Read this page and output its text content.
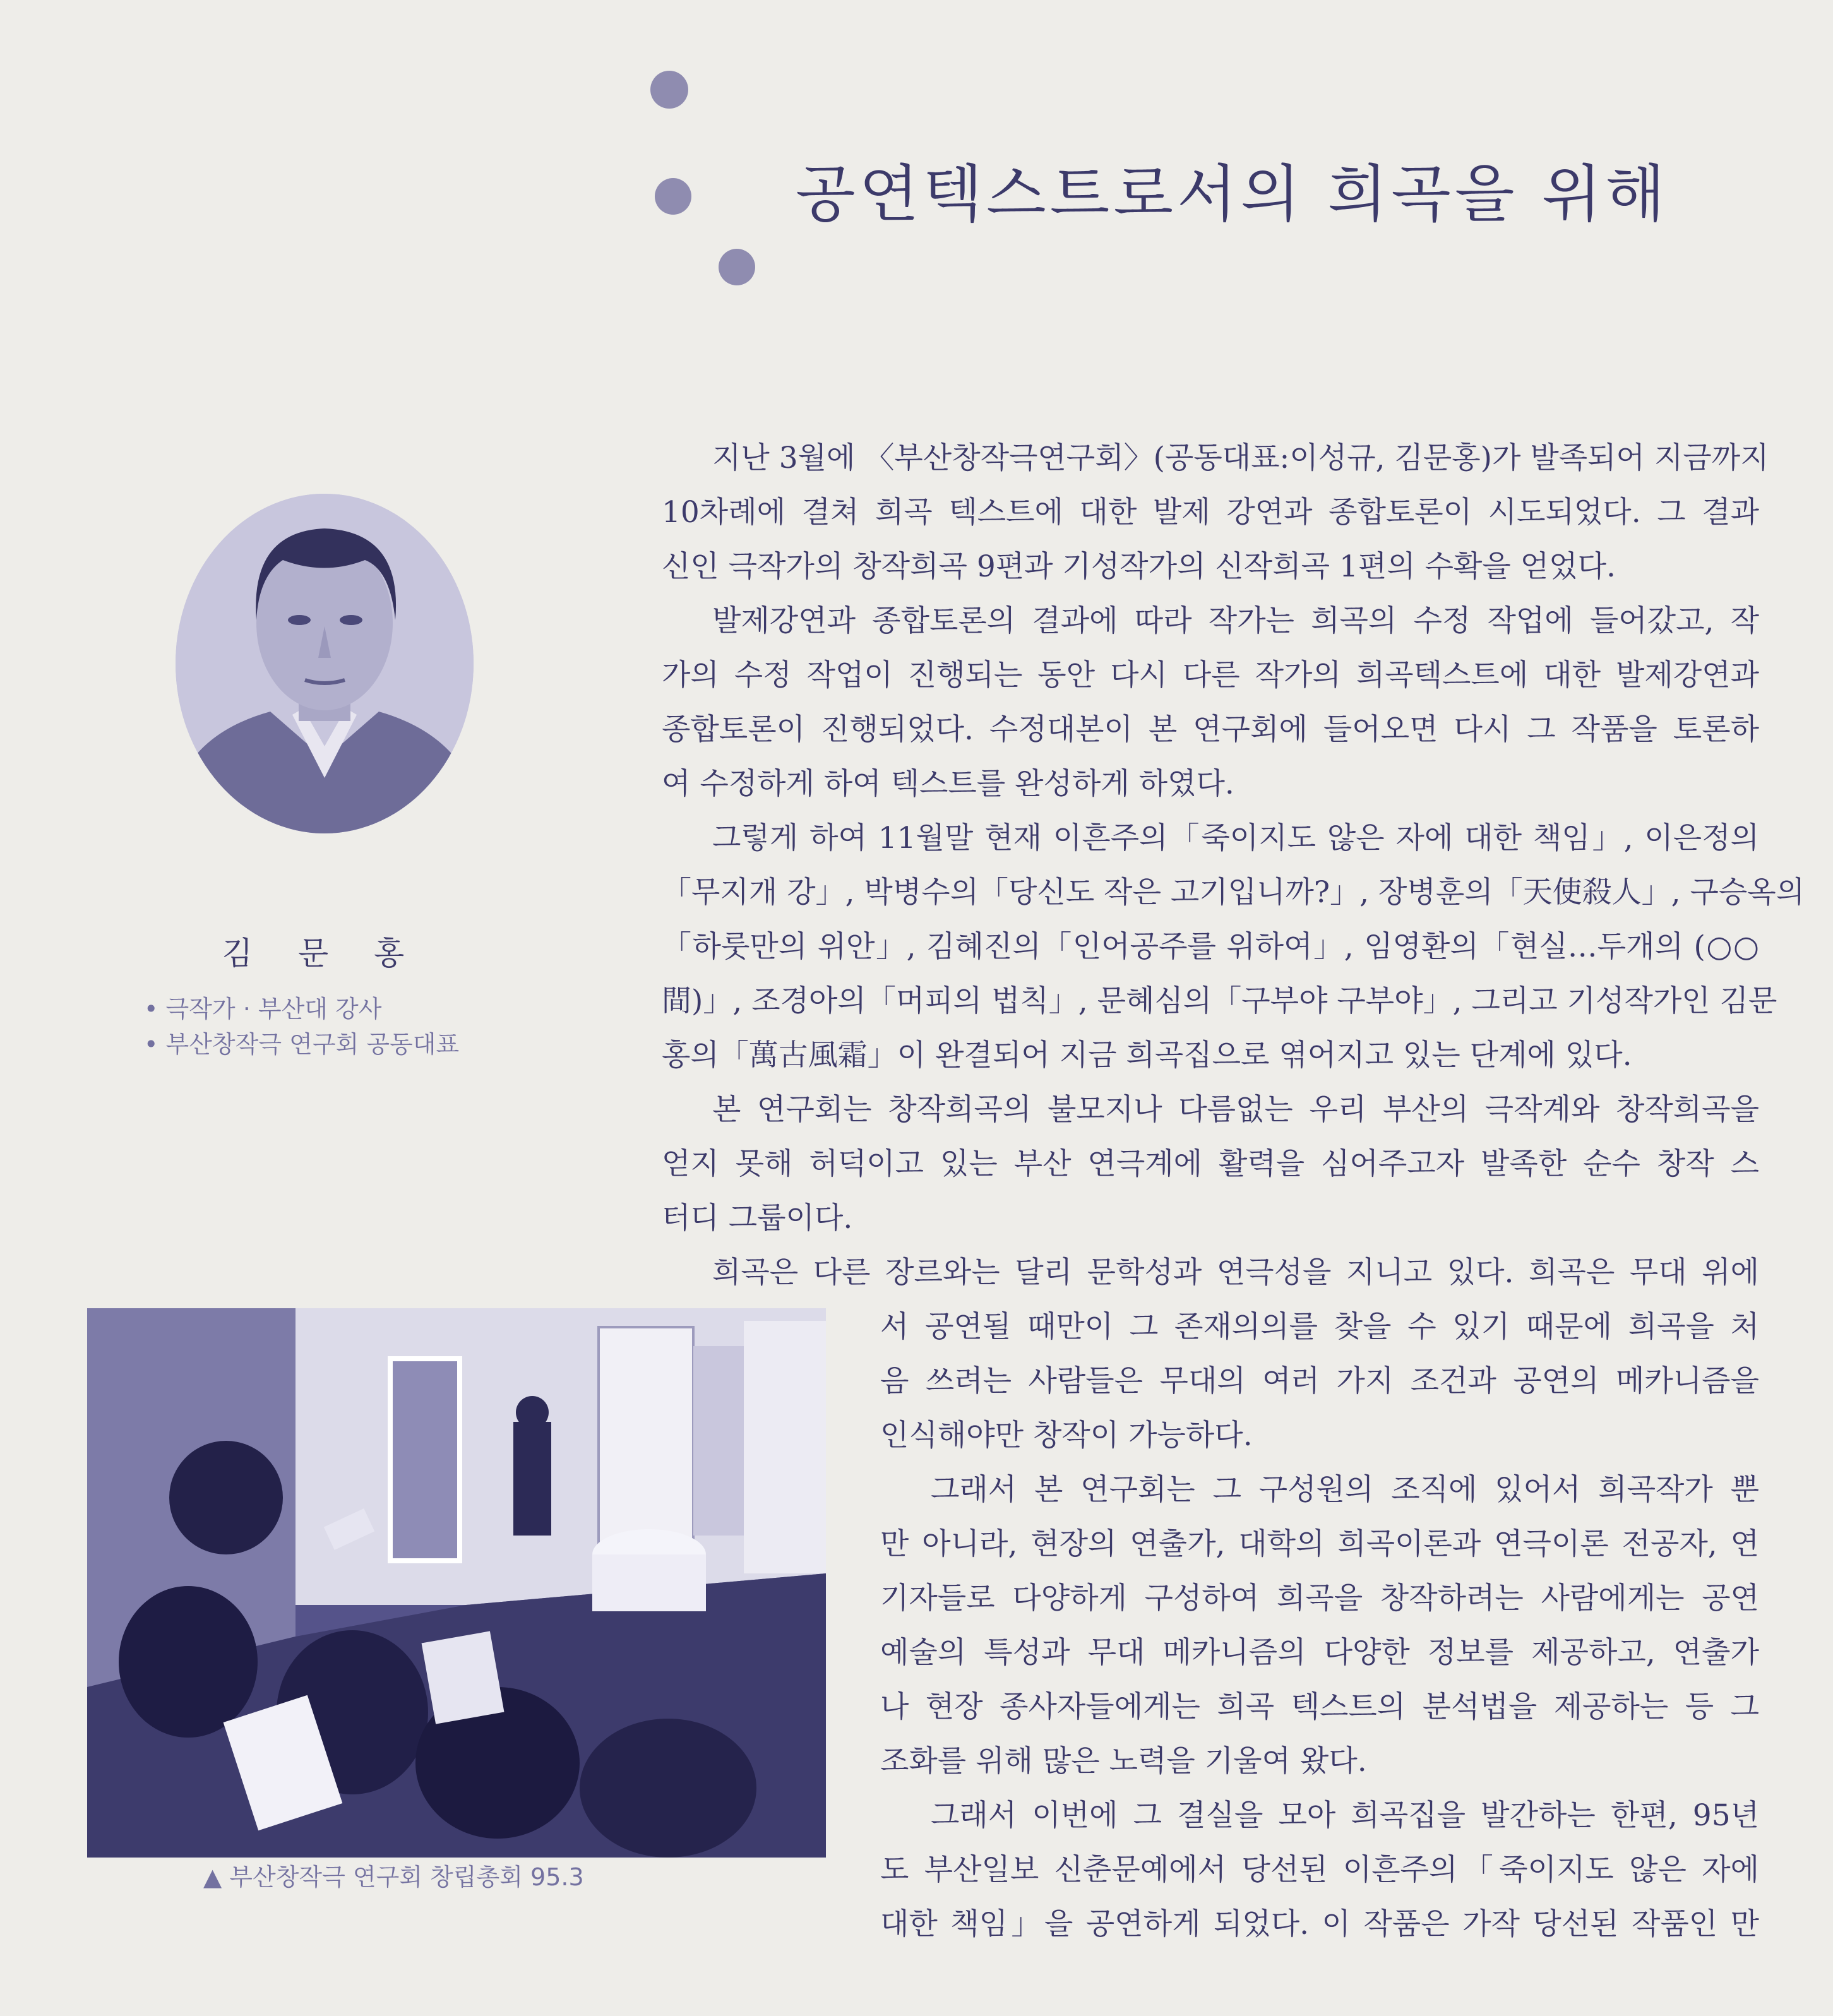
공연텍스트로서의 희곡을 위해
김 문 홍
• 극작가 · 부산대 강사
• 부산창작극 연구회 공동대표
▲ 부산창작극 연구회 창립총회 95.3
지난 3월에 〈부산창작극연구회〉(공동대표:이성규, 김문홍)가 발족되어 지금까지
10차례에 결쳐 희곡 텍스트에 대한 발제 강연과 종합토론이 시도되었다. 그 결과
신인 극작가의 창작희곡 9편과 기성작가의 신작희곡 1편의 수확을 얻었다.
발제강연과 종합토론의 결과에 따라 작가는 희곡의 수정 작업에 들어갔고, 작
가의 수정 작업이 진행되는 동안 다시 다른 작가의 희곡텍스트에 대한 발제강연과
종합토론이 진행되었다. 수정대본이 본 연구회에 들어오면 다시 그 작품을 토론하
여 수정하게 하여 텍스트를 완성하게 하였다.
그렇게 하여 11월말 현재 이흔주의「죽이지도 않은 자에 대한 책임」, 이은정의
「무지개 강」, 박병수의「당신도 작은 고기입니까?」, 장병훈의「天使殺人」, 구승옥의
「하룻만의 위안」, 김혜진의「인어공주를 위하여」, 임영환의「현실…두개의 (○○
間)」, 조경아의「머피의 법칙」, 문혜심의「구부야 구부야」, 그리고 기성작가인 김문
홍의「萬古風霜」이 완결되어 지금 희곡집으로 엮어지고 있는 단계에 있다.
본 연구회는 창작희곡의 불모지나 다름없는 우리 부산의 극작계와 창작희곡을
얻지 못해 허덕이고 있는 부산 연극계에 활력을 심어주고자 발족한 순수 창작 스
터디 그룹이다.
희곡은 다른 장르와는 달리 문학성과 연극성을 지니고 있다. 희곡은 무대 위에
서 공연될 때만이 그 존재의의를 찾을 수 있기 때문에 희곡을 처
음 쓰려는 사람들은 무대의 여러 가지 조건과 공연의 메카니즘을
인식해야만 창작이 가능하다.
그래서 본 연구회는 그 구성원의 조직에 있어서 희곡작가 뿐
만 아니라, 현장의 연출가, 대학의 희곡이론과 연극이론 전공자, 연
기자들로 다양하게 구성하여 희곡을 창작하려는 사람에게는 공연
예술의 특성과 무대 메카니즘의 다양한 정보를 제공하고, 연출가
나 현장 종사자들에게는 희곡 텍스트의 분석법을 제공하는 등 그
조화를 위해 많은 노력을 기울여 왔다.
그래서 이번에 그 결실을 모아 희곡집을 발간하는 한편, 95년
도 부산일보 신춘문예에서 당선된 이흔주의「죽이지도 않은 자에
대한 책임」을 공연하게 되었다. 이 작품은 가작 당선된 작품인 만
